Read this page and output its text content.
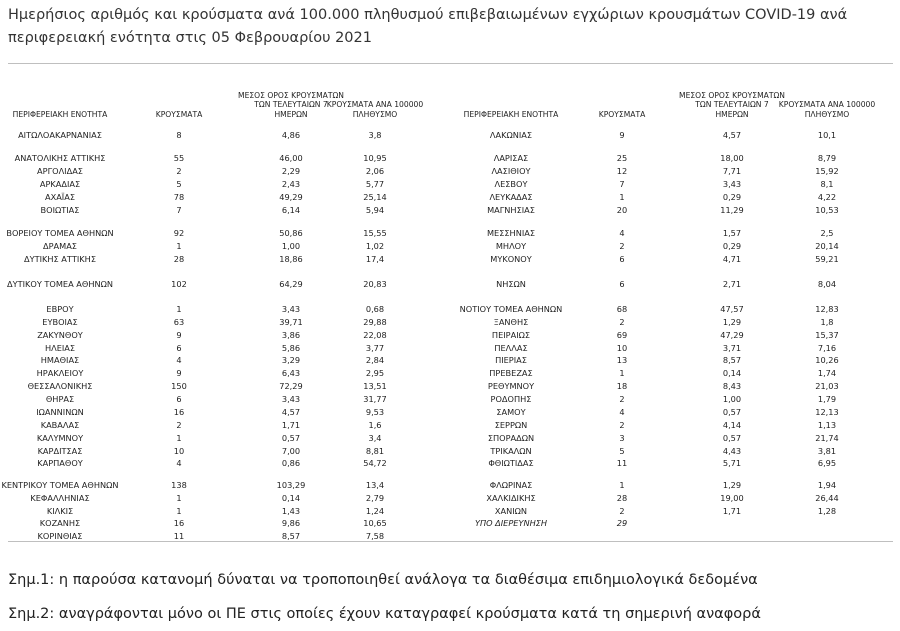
Ημερήσιος αριθμός και κρούσματα ανά 100.000 πληθυσμού επιβεβαιωμένων εγχώριων κρουσμάτων COVID-19 ανά περιφερειακή ενότητα στις 05 Φεβρουαρίου 2021
ΠΕΡΙΦΕΡΕΙΑΚΗ ΕΝΟΤΗΤΑ	ΚΡΟΥΣΜΑΤΑ
ΜΕΣΟΣ ΟΡΟΣ ΚΡΟΥΣΜΑΤΩΝ
ΤΩΝ ΤΕΛΕΥΤΑΙΩΝ 7
ΗΜΕΡΩΝ
ΚΡΟΥΣΜΑΤΑ ΑΝΑ 100000
ΠΛΗΘΥΣΜΟ	ΠΕΡΙΦΕΡΕΙΑΚΗ ΕΝΟΤΗΤΑ	ΚΡΟΥΣΜΑΤΑ
ΜΕΣΟΣ ΟΡΟΣ ΚΡΟΥΣΜΑΤΩΝ
ΤΩΝ ΤΕΛΕΥΤΑΙΩΝ 7
ΗΜΕΡΩΝ
ΚΡΟΥΣΜΑΤΑ ΑΝΑ 100000
ΠΛΗΘΥΣΜΟ
ΑΙΤΩΛΟΑΚΑΡΝΑΝΙΑΣ	8	4,86	3,8
ΑΝΑΤΟΛΙΚΗΣ ΑΤΤΙΚΗΣ	55	46,00	10,95
ΑΡΓΟΛΙΔΑΣ	2	2,29	2,06
ΑΡΚΑΔΙΑΣ	5	2,43	5,77
ΑΧΑΪΑΣ	78	49,29	25,14
ΒΟΙΩΤΙΑΣ	7	6,14	5,94
ΒΟΡΕΙΟΥ ΤΟΜΕΑ ΑΘΗΝΩΝ	92	50,86	15,55
ΔΡΑΜΑΣ	1	1,00	1,02
ΔΥΤΙΚΗΣ ΑΤΤΙΚΗΣ	28	18,86	17,4
ΔΥΤΙΚΟΥ ΤΟΜΕΑ ΑΘΗΝΩΝ	102	64,29	20,83
ΕΒΡΟΥ	1	3,43	0,68
ΕΥΒΟΙΑΣ	63	39,71	29,88
ΖΑΚΥΝΘΟΥ	9	3,86	22,08
ΗΛΕΙΑΣ	6	5,86	3,77
ΗΜΑΘΙΑΣ	4	3,29	2,84
ΗΡΑΚΛΕΙΟΥ	9	6,43	2,95
ΘΕΣΣΑΛΟΝΙΚΗΣ	150	72,29	13,51
ΘΗΡΑΣ	6	3,43	31,77
ΙΩΑΝΝΙΝΩΝ	16	4,57	9,53
ΚΑΒΑΛΑΣ	2	1,71	1,6
ΚΑΛΥΜΝΟΥ	1	0,57	3,4
ΚΑΡΔΙΤΣΑΣ	10	7,00	8,81
ΚΑΡΠΑΘΟΥ	4	0,86	54,72
ΚΕΝΤΡΙΚΟΥ ΤΟΜΕΑ ΑΘΗΝΩΝ	138	103,29	13,4
ΚΕΦΑΛΛΗΝΙΑΣ	1	0,14	2,79
ΚΙΛΚΙΣ	1	1,43	1,24
ΚΟΖΑΝΗΣ	16	9,86	10,65
ΚΟΡΙΝΘΙΑΣ	11	8,57	7,58
ΛΑΚΩΝΙΑΣ	9	4,57	10,1
ΛΑΡΙΣΑΣ	25	18,00	8,79
ΛΑΣΙΘΙΟΥ	12	7,71	15,92
ΛΕΣΒΟΥ	7	3,43	8,1
ΛΕΥΚΑΔΑΣ	1	0,29	4,22
ΜΑΓΝΗΣΙΑΣ	20	11,29	10,53
ΜΕΣΣΗΝΙΑΣ	4	1,57	2,5
ΜΗΛΟΥ	2	0,29	20,14
ΜΥΚΟΝΟΥ	6	4,71	59,21
ΝΗΣΩΝ	6	2,71	8,04
ΝΟΤΙΟΥ ΤΟΜΕΑ ΑΘΗΝΩΝ	68	47,57	12,83
ΞΑΝΘΗΣ	2	1,29	1,8
ΠΕΙΡΑΙΩΣ	69	47,29	15,37
ΠΕΛΛΑΣ	10	3,71	7,16
ΠΙΕΡΙΑΣ	13	8,57	10,26
ΠΡΕΒΕΖΑΣ	1	0,14	1,74
ΡΕΘΥΜΝΟΥ	18	8,43	21,03
ΡΟΔΟΠΗΣ	2	1,00	1,79
ΣΑΜΟΥ	4	0,57	12,13
ΣΕΡΡΩΝ	2	4,14	1,13
ΣΠΟΡΑΔΩΝ	3	0,57	21,74
ΤΡΙΚΑΛΩΝ	5	4,43	3,81
ΦΘΙΩΤΙΔΑΣ	11	5,71	6,95
ΦΛΩΡΙΝΑΣ	1	1,29	1,94
ΧΑΛΚΙΔΙΚΗΣ	28	19,00	26,44
ΧΑΝΙΩΝ	2	1,71	1,28
ΥΠΟ ΔΙΕΡΕΥΝΗΣΗ	29
Σημ.1: η παρούσα κατανομή δύναται να τροποποιηθεί ανάλογα τα διαθέσιμα επιδημιολογικά δεδομένα
Σημ.2: αναγράφονται μόνο οι ΠΕ στις οποίες έχουν καταγραφεί κρούσματα κατά τη σημερινή αναφορά
